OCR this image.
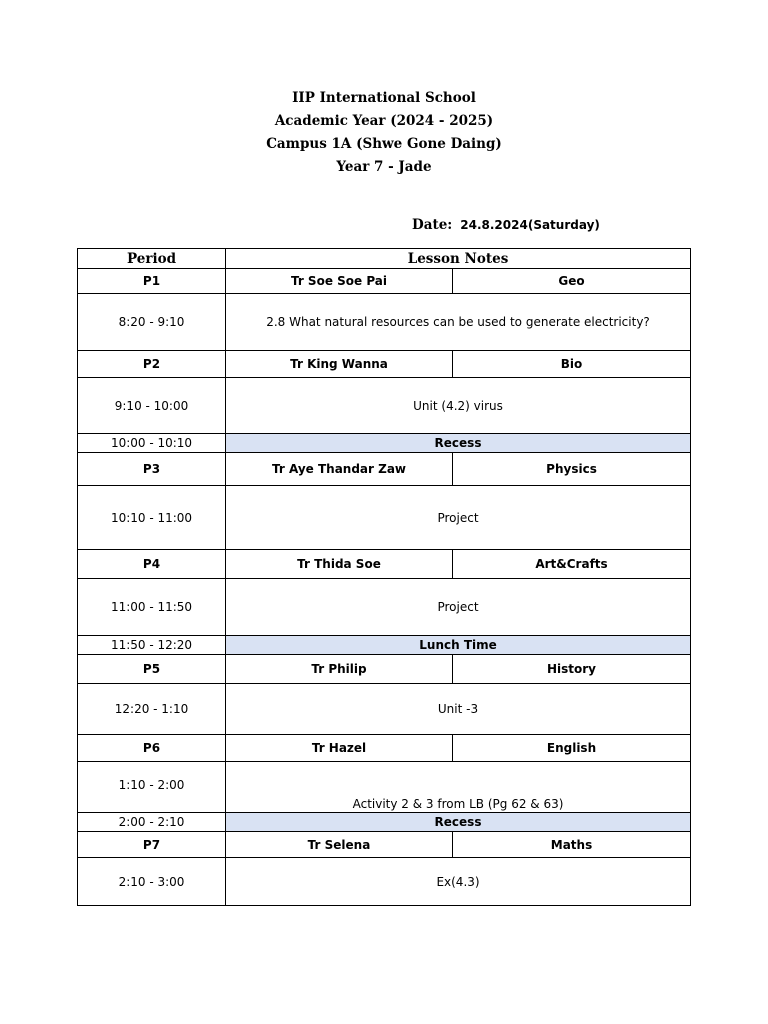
IIP International School
Academic Year (2024 - 2025)
Campus 1A (Shwe Gone Daing)
Year 7 - Jade
Date: 24.8.2024(Saturday)
Period	Lesson Notes	
P1	Tr Soe Soe Pai	Geo
8:20 - 9:10	2.8 What natural resources can be used to generate electricity?	
P2	Tr King Wanna	Bio
9:10 - 10:00	Unit (4.2) virus	
10:00 - 10:10	Recess	
P3	Tr Aye Thandar Zaw	Physics
10:10 - 11:00	Project	
P4	Tr Thida Soe	Art&Crafts
11:00 - 11:50	Project	
11:50 - 12:20	Lunch Time	
P5	Tr Philip	History
12:20 - 1:10	Unit -3	
P6	Tr Hazel	English
1:10 - 2:00	Activity 2 & 3 from LB (Pg 62 & 63)	
2:00 - 2:10	Recess	
P7	Tr Selena	Maths
2:10 - 3:00	Ex(4.3)	
